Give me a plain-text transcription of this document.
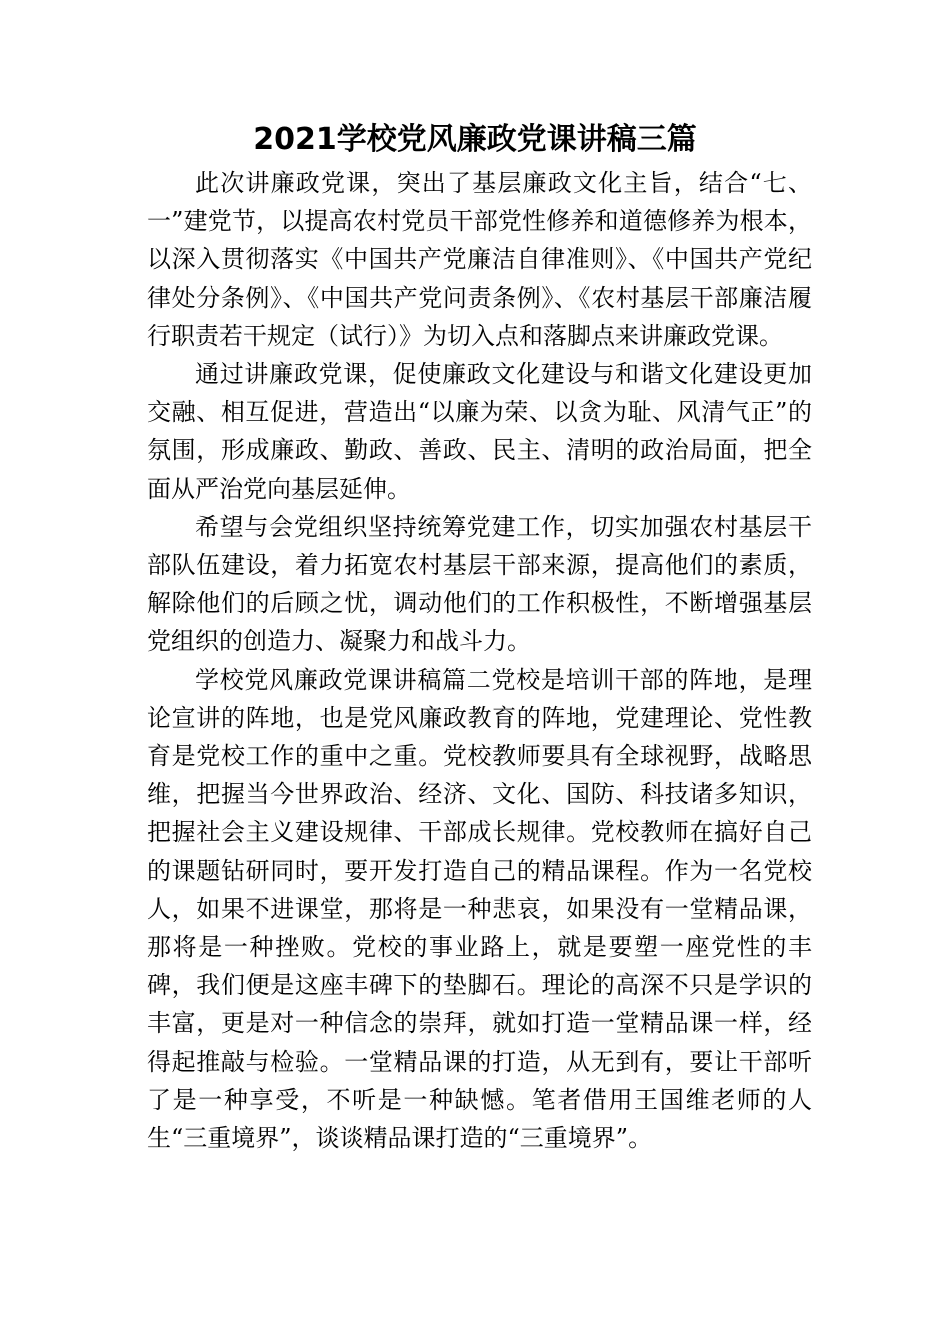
2021学校党风廉政党课讲稿三篇

此次讲廉政党课，突出了基层廉政文化主旨，结合“七、一”建党节，以提高农村党员干部党性修养和道德修养为根本，以深入贯彻落实《中国共产党廉洁自律准则》、《中国共产党纪律处分条例》、《中国共产党问责条例》、《农村基层干部廉洁履行职责若干规定（试行）》为切入点和落脚点来讲廉政党课。

通过讲廉政党课，促使廉政文化建设与和谐文化建设更加交融、相互促进，营造出“以廉为荣、以贪为耻、风清气正”的氛围，形成廉政、勤政、善政、民主、清明的政治局面，把全面从严治党向基层延伸。

希望与会党组织坚持统筹党建工作，切实加强农村基层干部队伍建设，着力拓宽农村基层干部来源，提高他们的素质，解除他们的后顾之忧，调动他们的工作积极性，不断增强基层党组织的创造力、凝聚力和战斗力。

学校党风廉政党课讲稿篇二党校是培训干部的阵地，是理论宣讲的阵地，也是党风廉政教育的阵地，党建理论、党性教育是党校工作的重中之重。党校教师要具有全球视野，战略思维，把握当今世界政治、经济、文化、国防、科技诸多知识，把握社会主义建设规律、干部成长规律。党校教师在搞好自己的课题钻研同时，要开发打造自己的精品课程。作为一名党校人，如果不进课堂，那将是一种悲哀，如果没有一堂精品课，那将是一种挫败。党校的事业路上，就是要塑一座党性的丰碑，我们便是这座丰碑下的垫脚石。理论的高深不只是学识的丰富，更是对一种信念的崇拜，就如打造一堂精品课一样，经得起推敲与检验。一堂精品课的打造，从无到有，要让干部听了是一种享受，不听是一种缺憾。笔者借用王国维老师的人生“三重境界”，谈谈精品课打造的“三重境界”。
